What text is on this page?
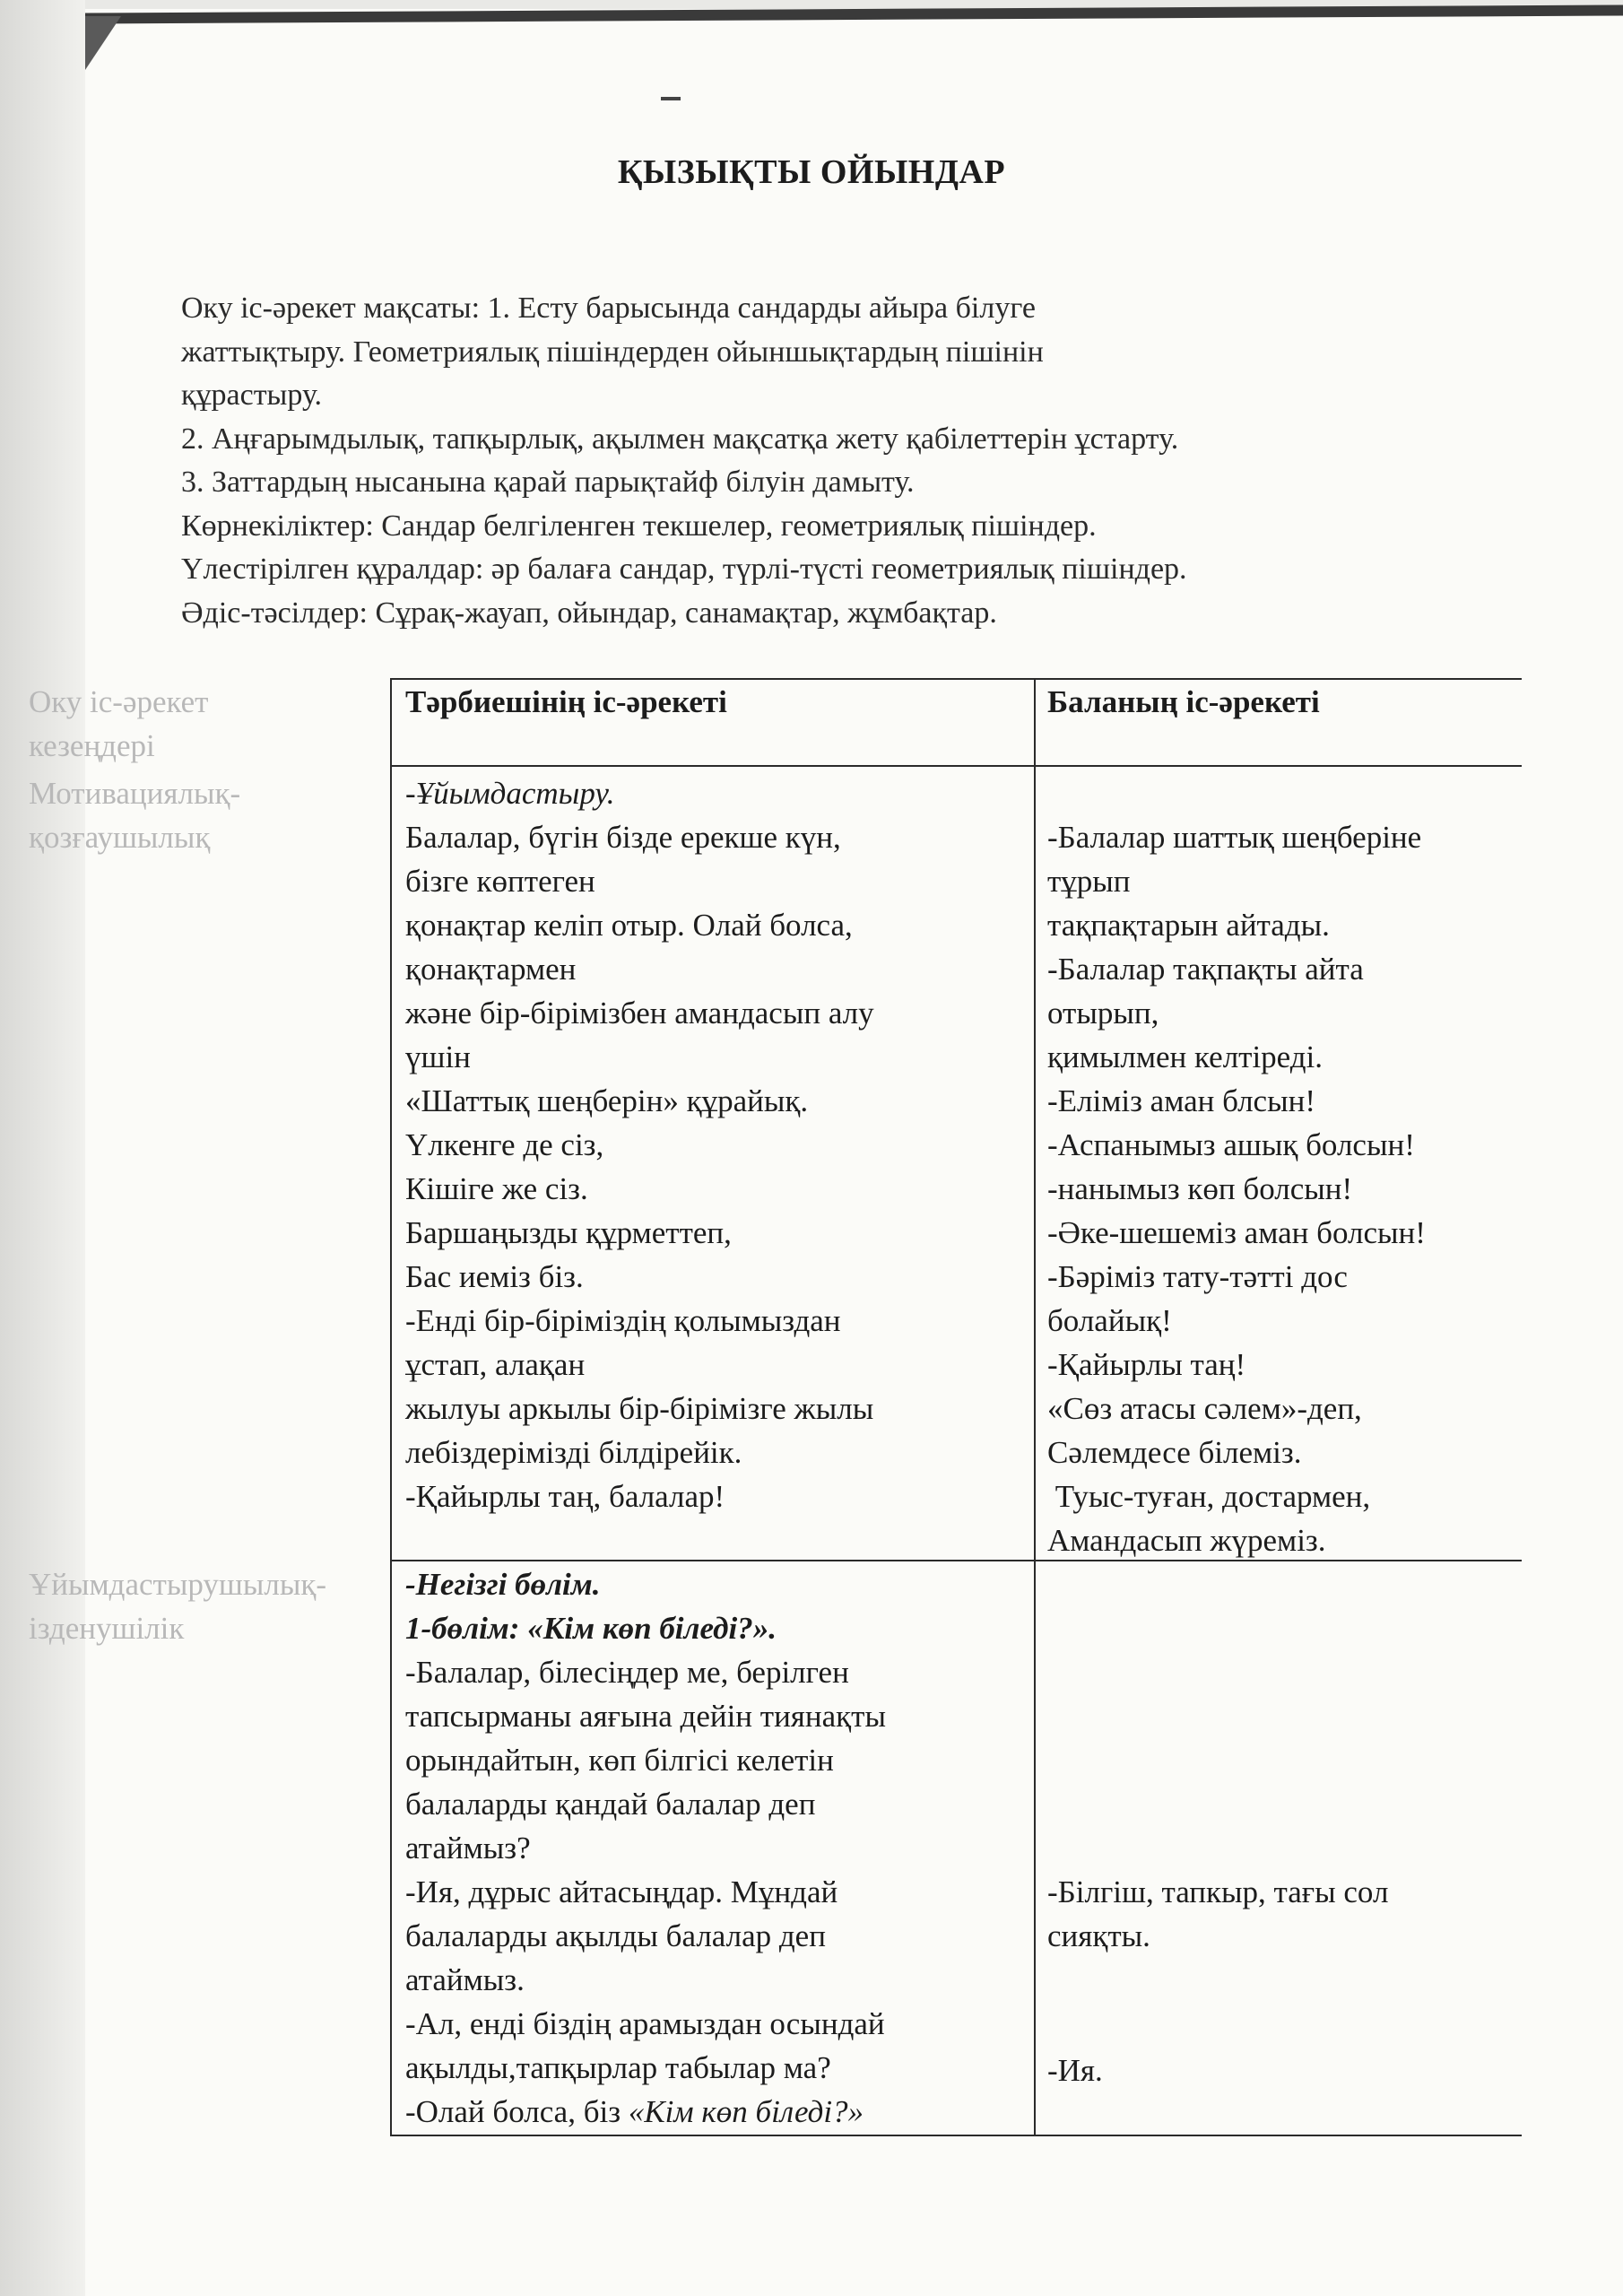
ҚЫЗЫҚТЫ ОЙЫНДАР
Оку іс-әрекет мақсаты: 1. Есту барысында сандарды айыра білуге
жаттықтыру. Геометриялық пішіндерден ойыншықтардың пішінін
құрастыру.
2. Аңғарымдылық, тапқырлық, ақылмен мақсатқа жету қабілеттерін ұстарту.
3. Заттардың нысанына қарай парықтайф білуін дамыту.
Көрнекіліктер: Сандар белгіленген текшелер, геометриялық пішіндер.
Үлестірілген құралдар: әр балаға сандар, түрлі-түсті геометриялық пішіндер.
Әдіс-тәсілдер: Сұрақ-жауап, ойындар, санамақтар, жұмбақтар.
Оку іс-әрекет
кезеңдері
Тәрбиешінің іс-әрекеті	Баланың іс-әрекеті
Мотивациялық-
қозғаушылық
-Ұйымдастыру.
Балалар, бүгін бізде ерекше күн,
бізге көптеген
қонақтар келіп отыр. Олай болса,
қонақтармен
және бір-бірімізбен амандасып алу
үшін
«Шаттық шеңберін» құрайық.
Үлкенге де сіз,
Кішіге же сіз.
Баршаңызды құрметтеп,
Бас иеміз біз.
-Енді бір-біріміздің қолымыздан
ұстап, алақан
жылуы аркылы бір-бірімізге жылы
лебіздерімізді білдірейік.
-Қайырлы таң, балалар!
-Балалар шаттық шеңберіне
тұрып
тақпақтарын айтады.
-Балалар тақпақты айта
отырып,
қимылмен келтіреді.
-Еліміз аман блсын!
-Аспанымыз ашық болсын!
-нанымыз көп болсын!
-Әке-шешеміз аман болсын!
-Бәріміз тату-тәтті дос
болайық!
-Қайырлы таң!
«Сөз атасы сәлем»-деп,
Сәлемдесе білеміз.
Туыс-туған, достармен,
Амандасып жүреміз.
Ұйымдастырушылық-
ізденушілік
-Негізгі бөлім.
1-бөлім: «Кім көп біледі?».
-Балалар, білесіңдер ме, берілген
тапсырманы аяғына дейін тиянақты
орындайтын, көп білгісі келетін
балаларды қандай балалар деп
атаймыз?
-Ия, дұрыс айтасыңдар. Мұндай
балаларды ақылды балалар деп
атаймыз.
-Ал, енді біздің арамыздан осындай
ақылды,тапқырлар табылар ма?
-Олай болса, біз «Кім көп біледі?»
-Білгіш, тапкыр, тағы сол
сияқты.
-Ия.
